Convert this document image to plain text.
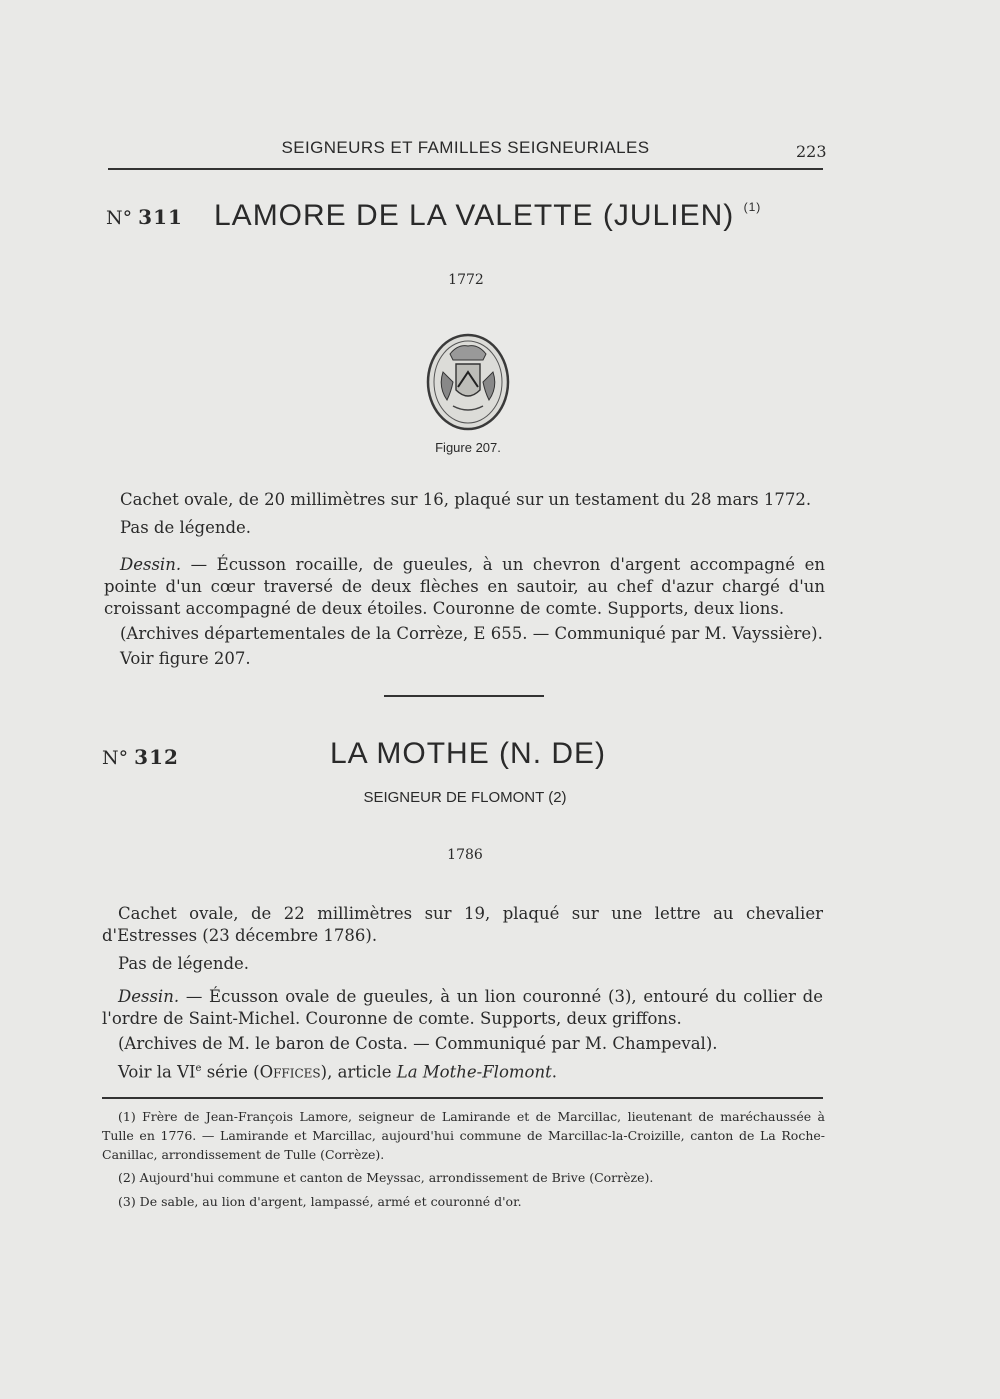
SEIGNEURS ET FAMILLES SEIGNEURIALES	223
N° 311 LAMORE DE LA VALETTE (JULIEN) $^{(1)}$
1772
Figure 207.
Cachet ovale, de 20 millimètres sur 16, plaqué sur un testament du 28 mars 1772.
Pas de légende.
Dessin. — Écusson rocaille, de gueules, à un chevron d'argent accompagné en pointe d'un cœur traversé de deux flèches en sautoir, au chef d'azur chargé d'un croissant accompagné de deux étoiles. Couronne de comte. Supports, deux lions.
(Archives départementales de la Corrèze, E 655. — Communiqué par M. Vayssière).
Voir figure 207.
N° 312	LA MOTHE (N. DE)
SEIGNEUR DE FLOMONT (2)
1786
Cachet ovale, de 22 millimètres sur 19, plaqué sur une lettre au chevalier d'Estresses (23 décembre 1786).
Pas de légende.
Dessin. — Écusson ovale de gueules, à un lion couronné (3), entouré du collier de l'ordre de Saint-Michel. Couronne de comte. Supports, deux griffons.
(Archives de M. le baron de Costa. — Communiqué par M. Champeval).
Voir la VIe série (Offices), article La Mothe-Flomont.
(1) Frère de Jean-François Lamore, seigneur de Lamirande et de Marcillac, lieutenant de maréchaussée à Tulle en 1776. — Lamirande et Marcillac, aujourd'hui commune de Marcillac-la-Croizille, canton de La Roche-Canillac, arrondissement de Tulle (Corrèze).
(2) Aujourd'hui commune et canton de Meyssac, arrondissement de Brive (Corrèze).
(3) De sable, au lion d'argent, lampassé, armé et couronné d'or.
